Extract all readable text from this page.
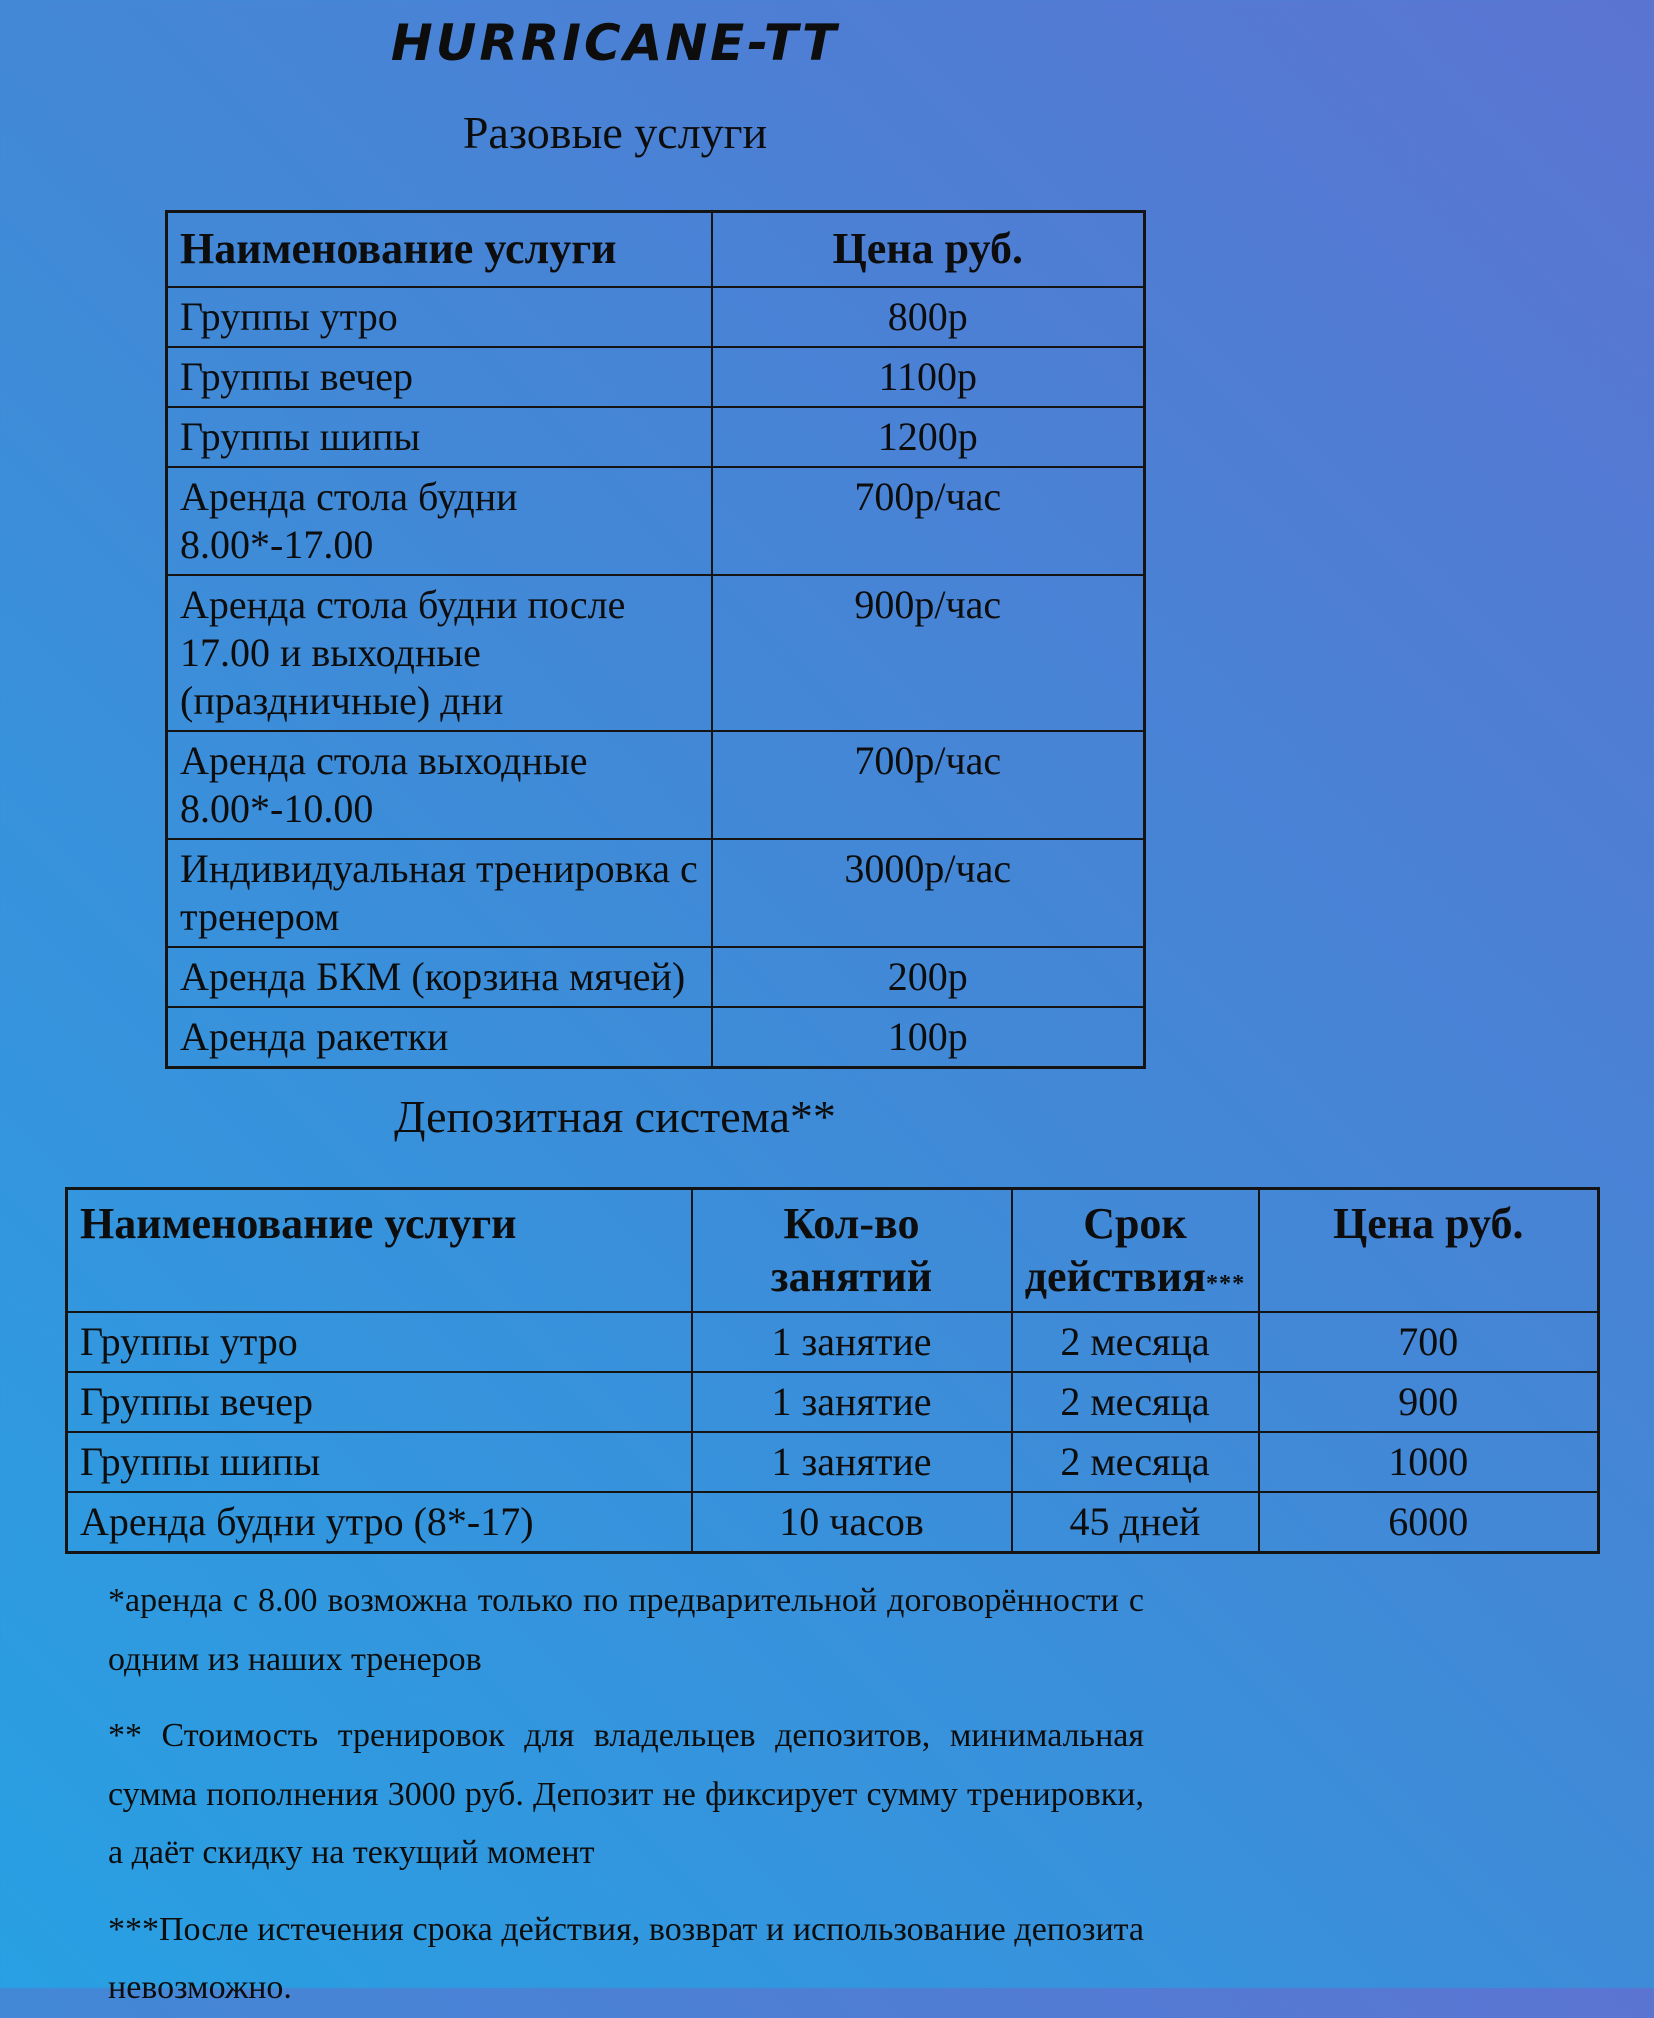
HURRICANE-TT
Разовые услуги
Наименование услуги	Цена руб.
Группы утро	800р
Группы вечер	1100р
Группы шипы	1200р
Аренда стола будни 8.00*-17.00	700р/час
Аренда стола будни после 17.00 и выходные (праздничные) дни	900р/час
Аренда стола выходные 8.00*-10.00	700р/час
Индивидуальная тренировка с тренером	3000р/час
Аренда БКМ (корзина мячей)	200р
Аренда ракетки	100р
Депозитная система**
Наименование услуги	Кол-во занятий	Срок действия***	Цена руб.
Группы утро	1 занятие	2 месяца	700
Группы вечер	1 занятие	2 месяца	900
Группы шипы	1 занятие	2 месяца	1000
Аренда будни утро (8*-17)	10 часов	45 дней	6000

*аренда с 8.00 возможна только по предварительной договорённости с одним из наших тренеров

** Стоимость тренировок для владельцев депозитов, минимальная сумма пополнения 3000 руб. Депозит не фиксирует сумму тренировки, а даёт скидку на текущий момент

***После истечения срока действия, возврат и использование депозита невозможно.
